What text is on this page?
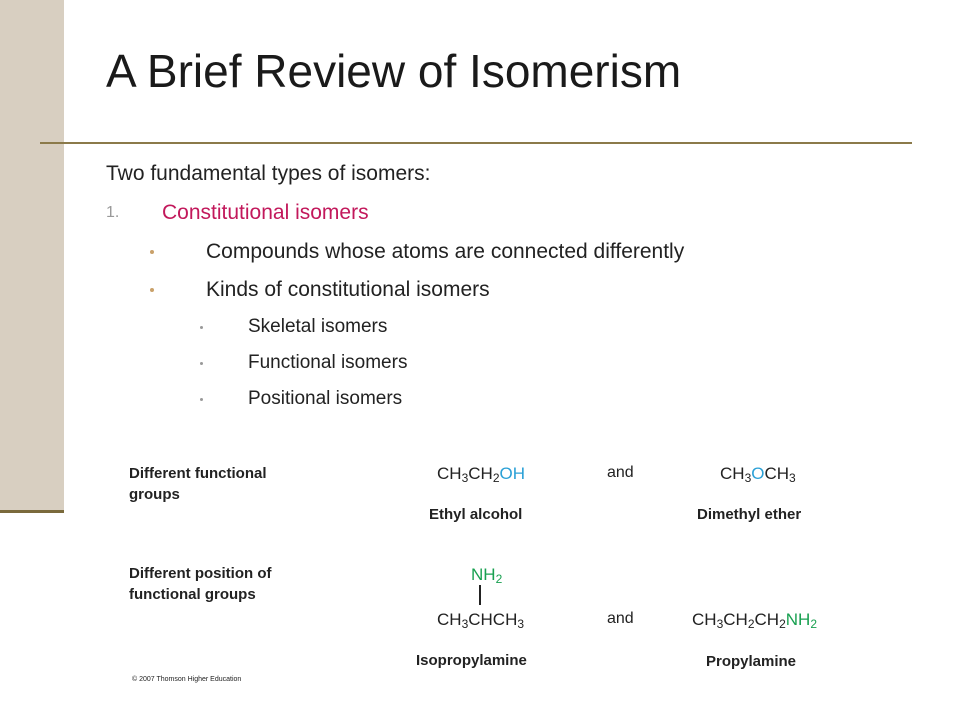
A Brief Review of Isomerism
Two fundamental types of isomers:
1. Constitutional isomers
Compounds whose atoms are connected differently
Kinds of constitutional isomers
Skeletal isomers
Functional isomers
Positional isomers
Different functional
groups
$CH_3CH_2OH$	and	$CH_3OCH_3$
Ethyl alcohol	Dimethyl ether
Different position of
functional groups
$NH_2$
$CH_3CHCH_3$	and	$CH_3CH_2CH_2NH_2$
Isopropylamine	Propylamine
© 2007 Thomson Higher Education
